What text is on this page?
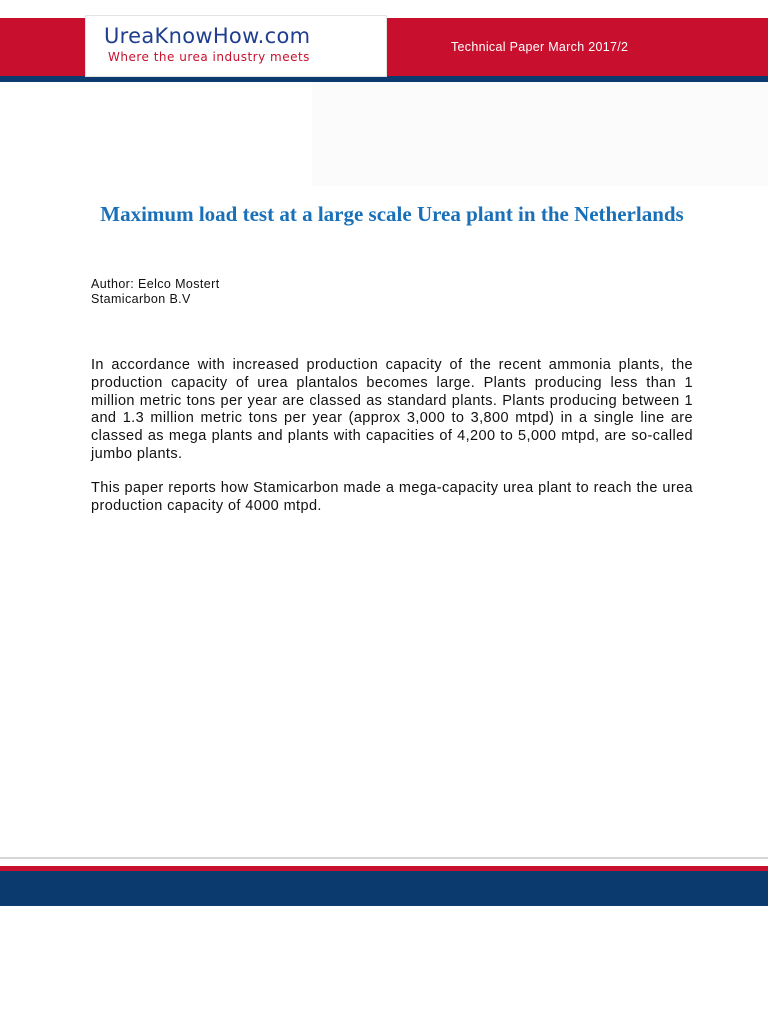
UreaKnowHow.com
Where the urea industry meets
Technical Paper March 2017/2
Maximum load test at a large scale Urea plant in the Netherlands
Author: Eelco Mostert
Stamicarbon B.V

In accordance with increased production capacity of the recent ammonia plants, the production capacity of urea plantalos becomes large. Plants producing less than 1 million metric tons per year are classed as standard plants. Plants producing between 1 and 1.3 million metric tons per year (approx 3,000 to 3,800 mtpd) in a single line are classed as mega plants and plants with capacities of 4,200 to 5,000 mtpd, are so-called jumbo plants.

This paper reports how Stamicarbon made a mega-capacity urea plant to reach the urea production capacity of 4000 mtpd.
